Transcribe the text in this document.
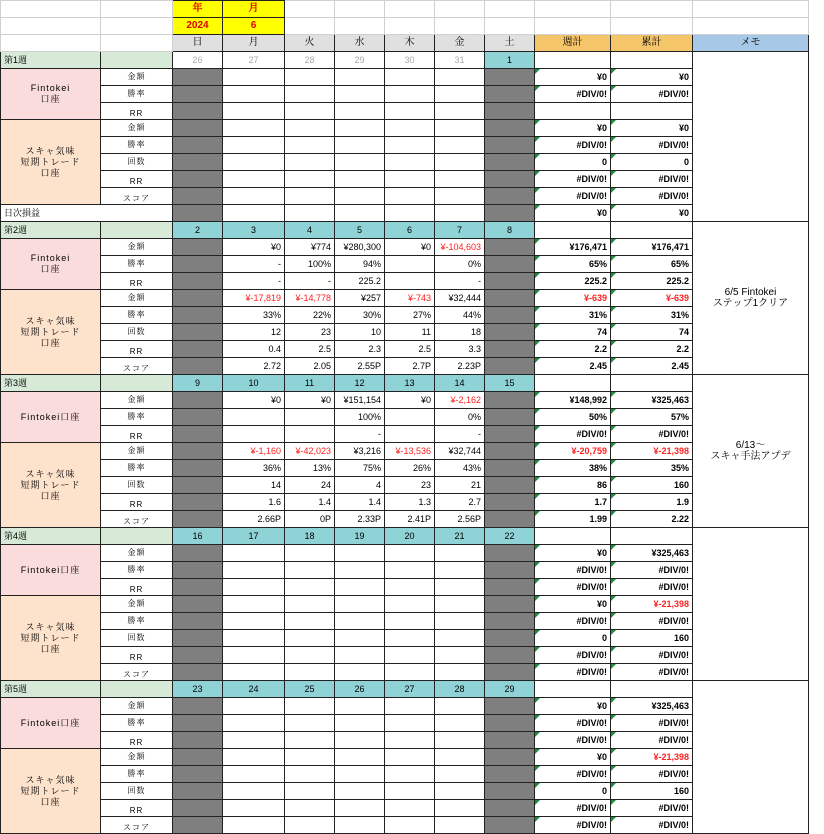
		年	月								
		2024	6								
		日	月	火	水	木	金	土	週計	累計	メモ
第1週		26	27	28	29	30	31	1			
Fintokei
口座	金額								¥0	¥0	
	勝率								#DIV/0!	#DIV/0!	
	RR										
スキャ気味
短期トレード
口座	金額								¥0	¥0	
	勝率								#DIV/0!	#DIV/0!	
	回数								0	0	
	RR								#DIV/0!	#DIV/0!	
	スコア								#DIV/0!	#DIV/0!	
日次損益									¥0	¥0	
第2週		2	3	4	5	6	7	8			6/5 Fintokei
ステップ1クリア
Fintokei
口座	金額		¥0	¥774	¥280,300	¥0	¥-104,603		¥176,471	¥176,471	
	勝率		-	100%	94%		0%		65%	65%	
	RR		-	-	225.2		-		225.2	225.2	
スキャ気味
短期トレード
口座	金額		¥-17,819	¥-14,778	¥257	¥-743	¥32,444		¥-639	¥-639	
	勝率		33%	22%	30%	27%	44%		31%	31%	
	回数		12	23	10	11	18		74	74	
	RR		0.4	2.5	2.3	2.5	3.3		2.2	2.2	
	スコア		2.72	2.05	2.55P	2.7P	2.23P		2.45	2.45	
第3週		9	10	11	12	13	14	15			6/13〜
スキャ手法アプデ
Fintokei口座	金額		¥0	¥0	¥151,154	¥0	¥-2,162		¥148,992	¥325,463	
	勝率				100%		0%		50%	57%	
	RR				-		-		#DIV/0!	#DIV/0!	
スキャ気味
短期トレード
口座	金額		¥-1,160	¥-42,023	¥3,216	¥-13,536	¥32,744		¥-20,759	¥-21,398	
	勝率		36%	13%	75%	26%	43%		38%	35%	
	回数		14	24	4	23	21		86	160	
	RR		1.6	1.4	1.4	1.3	2.7		1.7	1.9	
	スコア		2.66P	0P	2.33P	2.41P	2.56P		1.99	2.22	
第4週		16	17	18	19	20	21	22			
Fintokei口座	金額								¥0	¥325,463	
	勝率								#DIV/0!	#DIV/0!	
	RR								#DIV/0!	#DIV/0!	
スキャ気味
短期トレード
口座	金額								¥0	¥-21,398	
	勝率								#DIV/0!	#DIV/0!	
	回数								0	160	
	RR								#DIV/0!	#DIV/0!	
	スコア								#DIV/0!	#DIV/0!	
第5週		23	24	25	26	27	28	29			
Fintokei口座	金額								¥0	¥325,463	
	勝率								#DIV/0!	#DIV/0!	
	RR								#DIV/0!	#DIV/0!	
スキャ気味
短期トレード
口座	金額								¥0	¥-21,398	
	勝率								#DIV/0!	#DIV/0!	
	回数								0	160	
	RR								#DIV/0!	#DIV/0!	
	スコア								#DIV/0!	#DIV/0!	
